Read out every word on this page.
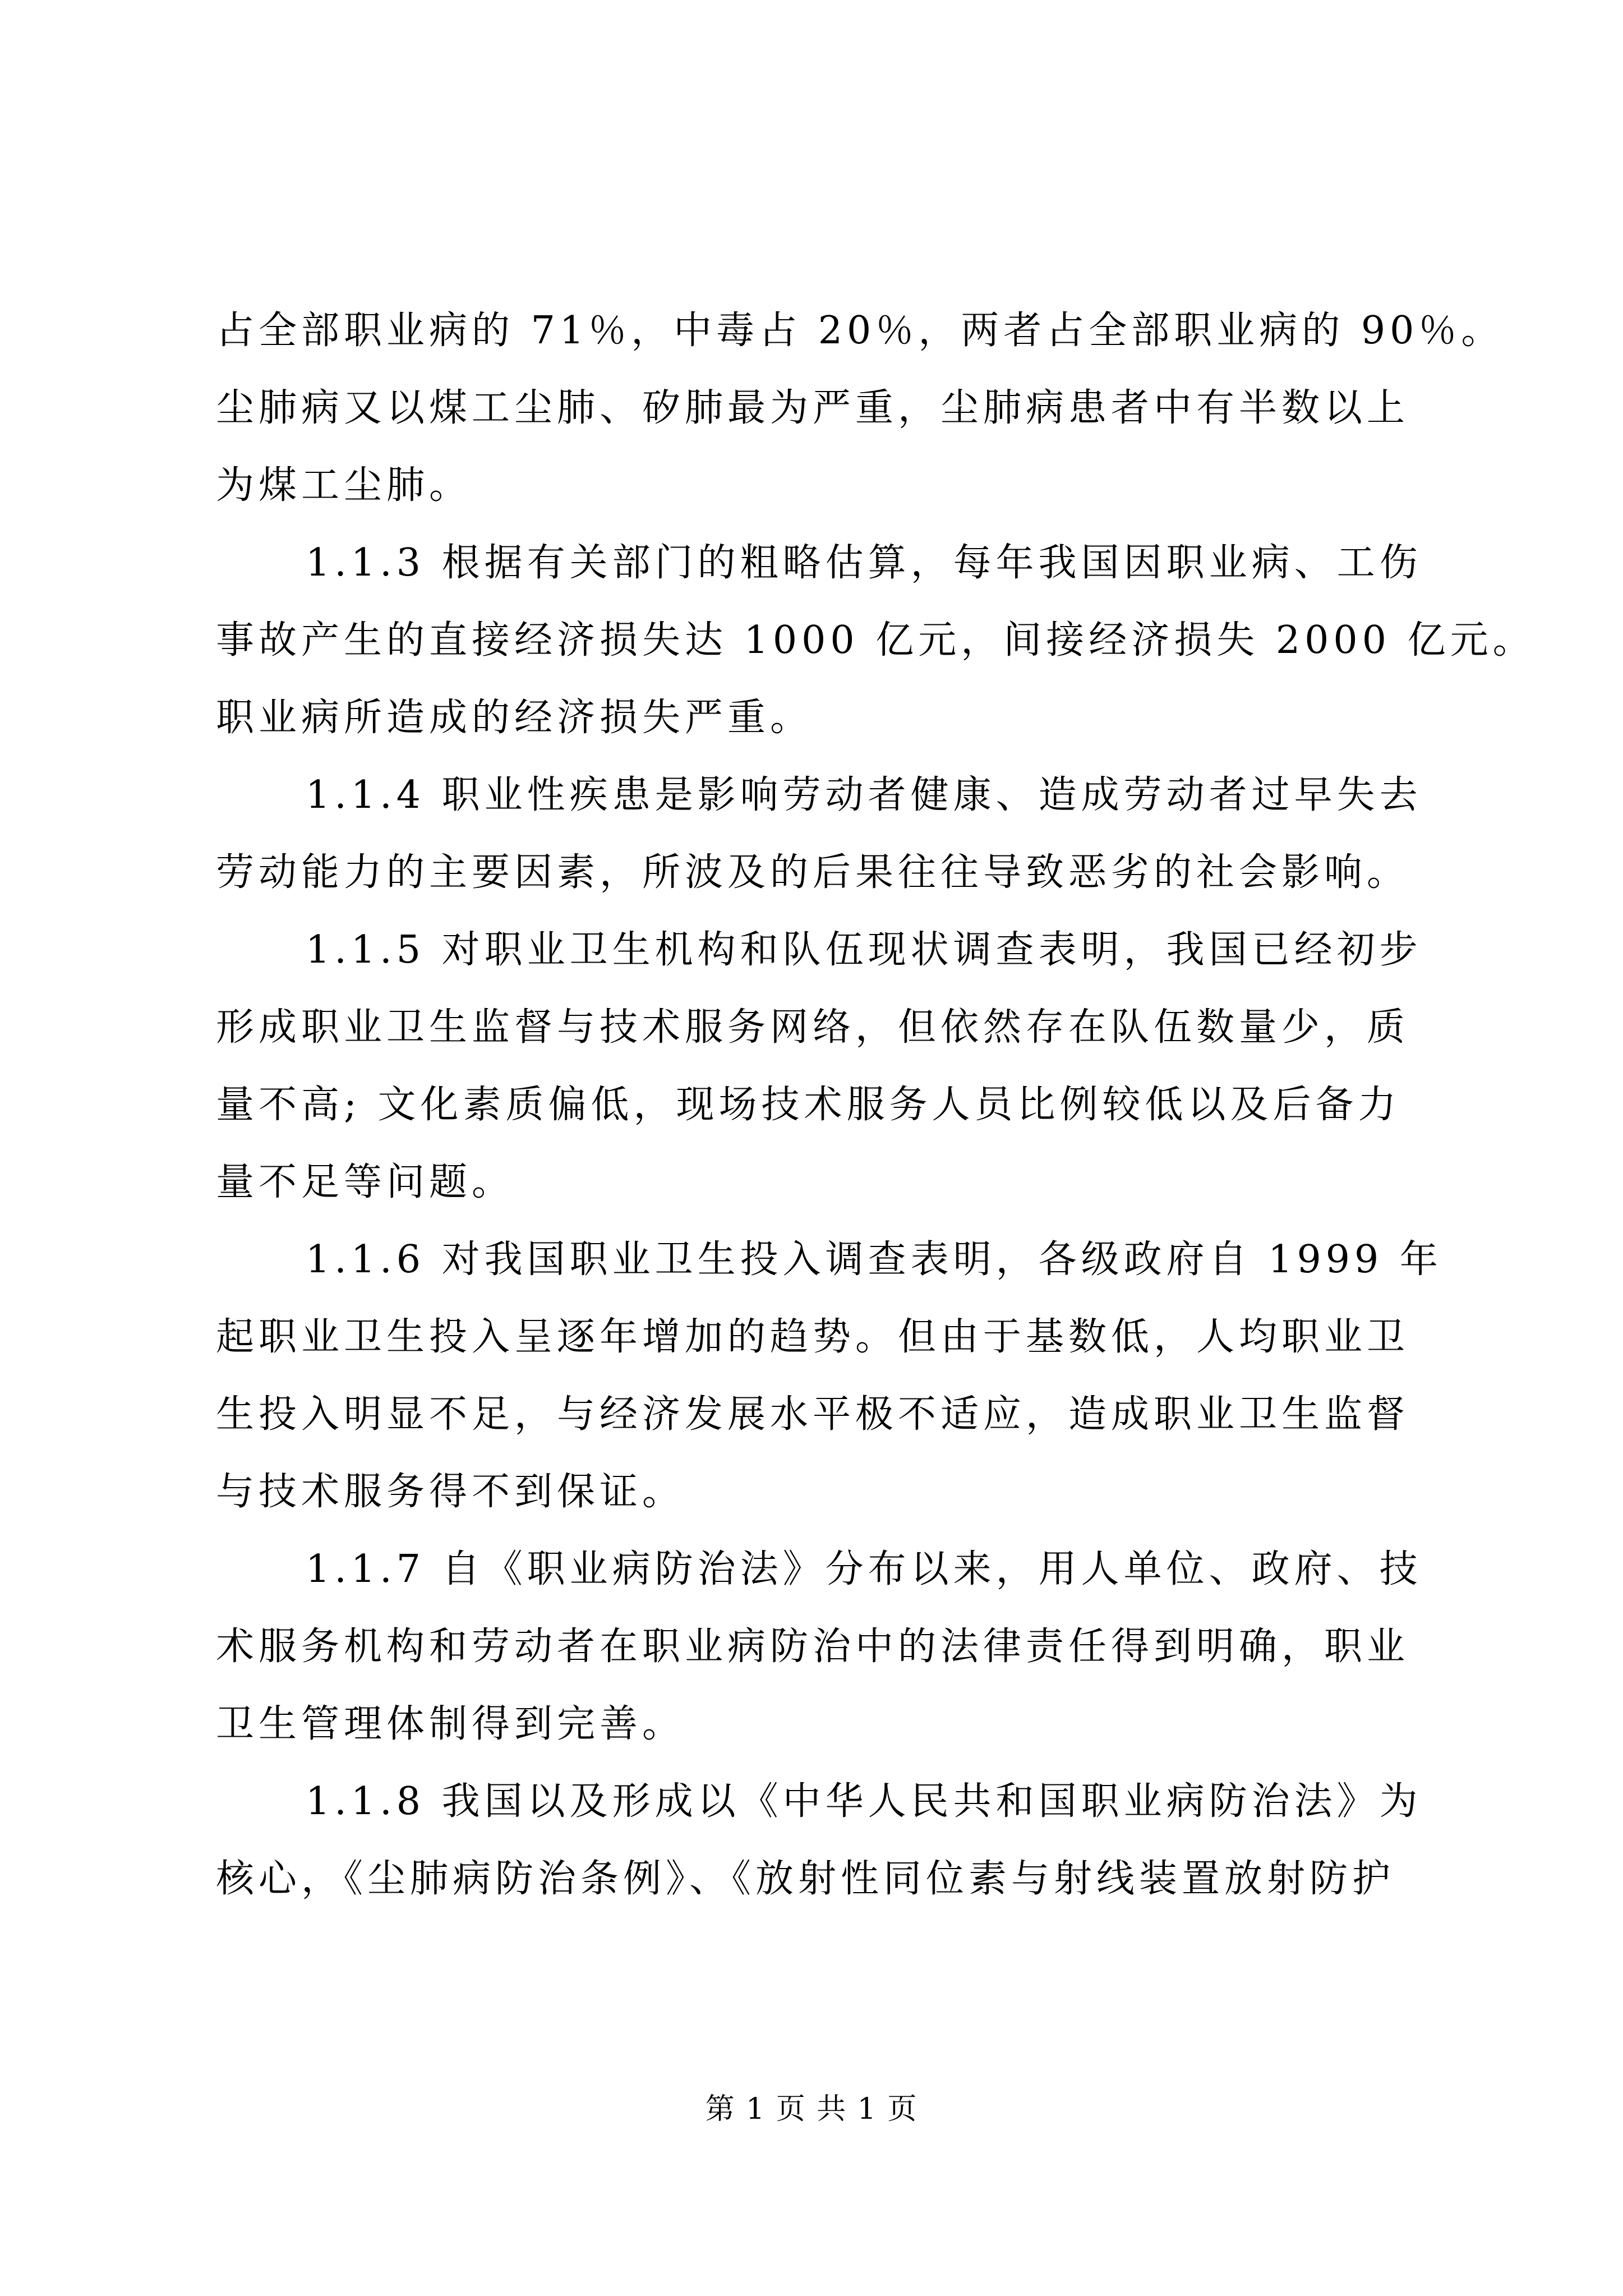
占全部职业病的 71％，中毒占 20％，两者占全部职业病的 90％。
尘肺病又以煤工尘肺、矽肺最为严重，尘肺病患者中有半数以上
为煤工尘肺。
1.1.3 根据有关部门的粗略估算，每年我国因职业病、工伤
事故产生的直接经济损失达 1000 亿元，间接经济损失 2000 亿元。
职业病所造成的经济损失严重。
1.1.4 职业性疾患是影响劳动者健康、造成劳动者过早失去
劳动能力的主要因素，所波及的后果往往导致恶劣的社会影响。
1.1.5 对职业卫生机构和队伍现状调查表明，我国已经初步
形成职业卫生监督与技术服务网络，但依然存在队伍数量少，质
量不高; 文化素质偏低，现场技术服务人员比例较低以及后备力
量不足等问题。
1.1.6 对我国职业卫生投入调查表明，各级政府自 1999 年
起职业卫生投入呈逐年增加的趋势。但由于基数低，人均职业卫
生投入明显不足，与经济发展水平极不适应，造成职业卫生监督
与技术服务得不到保证。
1.1.7 自《职业病防治法》分布以来，用人单位、政府、技
术服务机构和劳动者在职业病防治中的法律责任得到明确，职业
卫生管理体制得到完善。
1.1.8 我国以及形成以《中华人民共和国职业病防治法》为
核心，《尘肺病防治条例》、《放射性同位素与射线装置放射防护
第 1 页 共 1 页
